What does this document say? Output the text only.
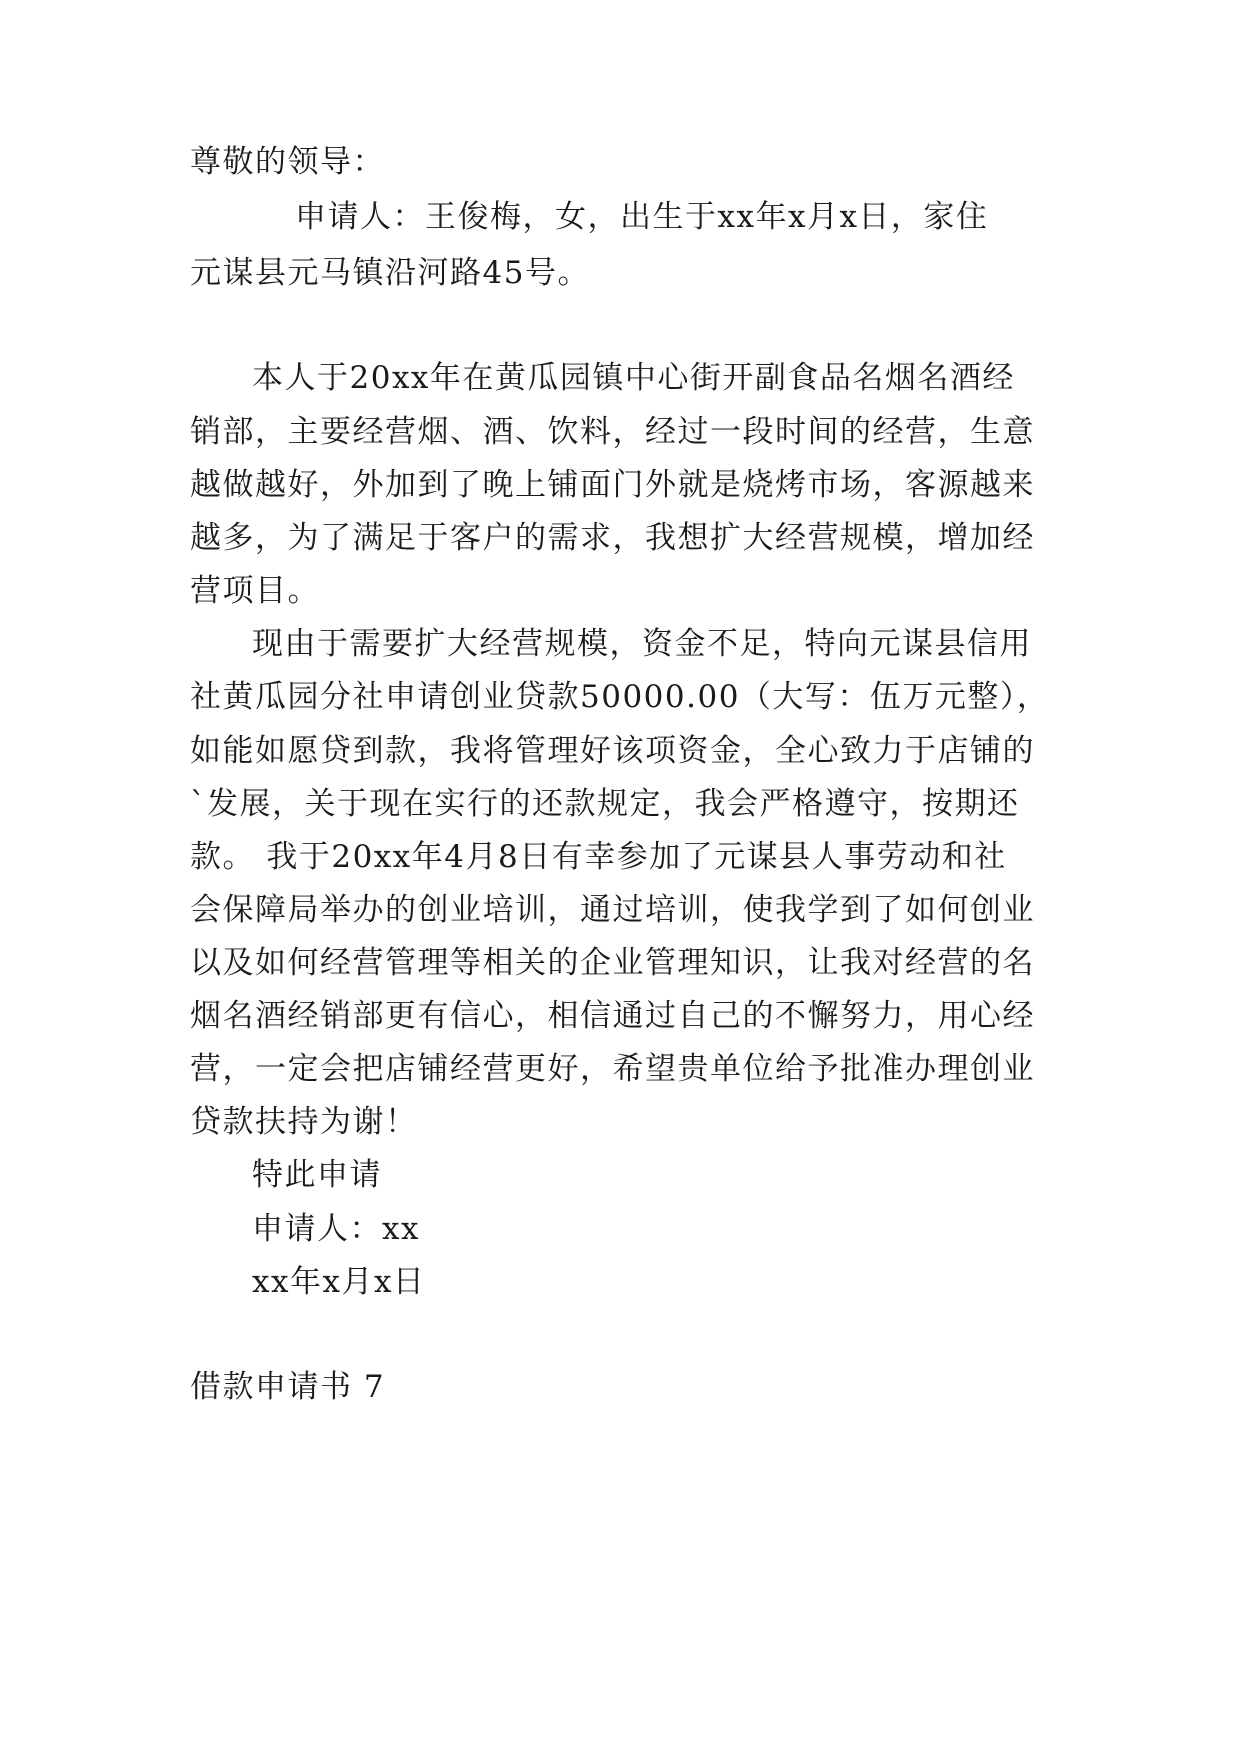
尊敬的领导：
申请人：王俊梅，女，出生于xx年x月x日，家住
元谋县元马镇沿河路45号。
本人于20xx年在黄瓜园镇中心街开副食品名烟名酒经
销部，主要经营烟、酒、饮料，经过一段时间的经营，生意
越做越好，外加到了晚上铺面门外就是烧烤市场，客源越来
越多，为了满足于客户的需求，我想扩大经营规模，增加经
营项目。
现由于需要扩大经营规模，资金不足，特向元谋县信用
社黄瓜园分社申请创业贷款50000.00（大写：伍万元整），
如能如愿贷到款，我将管理好该项资金，全心致力于店铺的
`发展，关于现在实行的还款规定，我会严格遵守，按期还
款。 我于20xx年4月8日有幸参加了元谋县人事劳动和社
会保障局举办的创业培训，通过培训，使我学到了如何创业
以及如何经营管理等相关的企业管理知识，让我对经营的名
烟名酒经销部更有信心，相信通过自己的不懈努力，用心经
营，一定会把店铺经营更好，希望贵单位给予批准办理创业
贷款扶持为谢！
特此申请
申请人：xx
xx年x月x日
借款申请书 7
